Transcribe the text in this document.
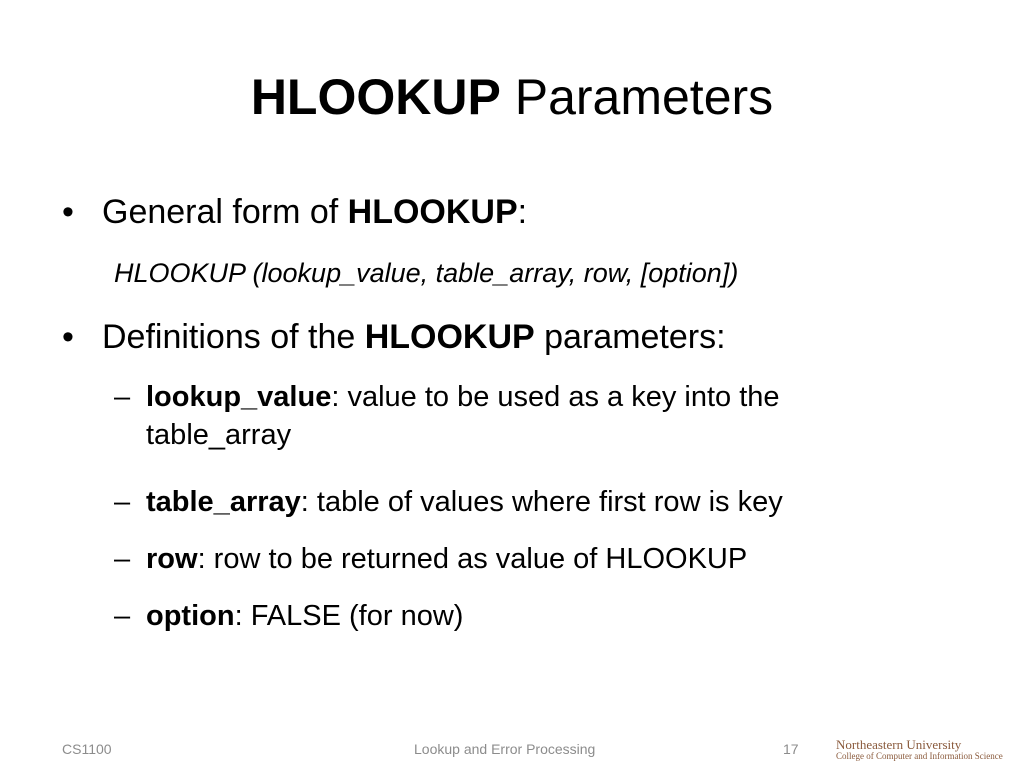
HLOOKUP Parameters
• General form of HLOOKUP:
HLOOKUP (lookup_value, table_array, row, [option])
• Definitions of the HLOOKUP parameters:
– lookup_value: value to be used as a key into the
table_array
– table_array: table of values where first row is key
– row: row to be returned as value of HLOOKUP
– option: FALSE (for now)
CS1100	Lookup and Error Processing	17	Northeastern University
College of Computer and Information Science
